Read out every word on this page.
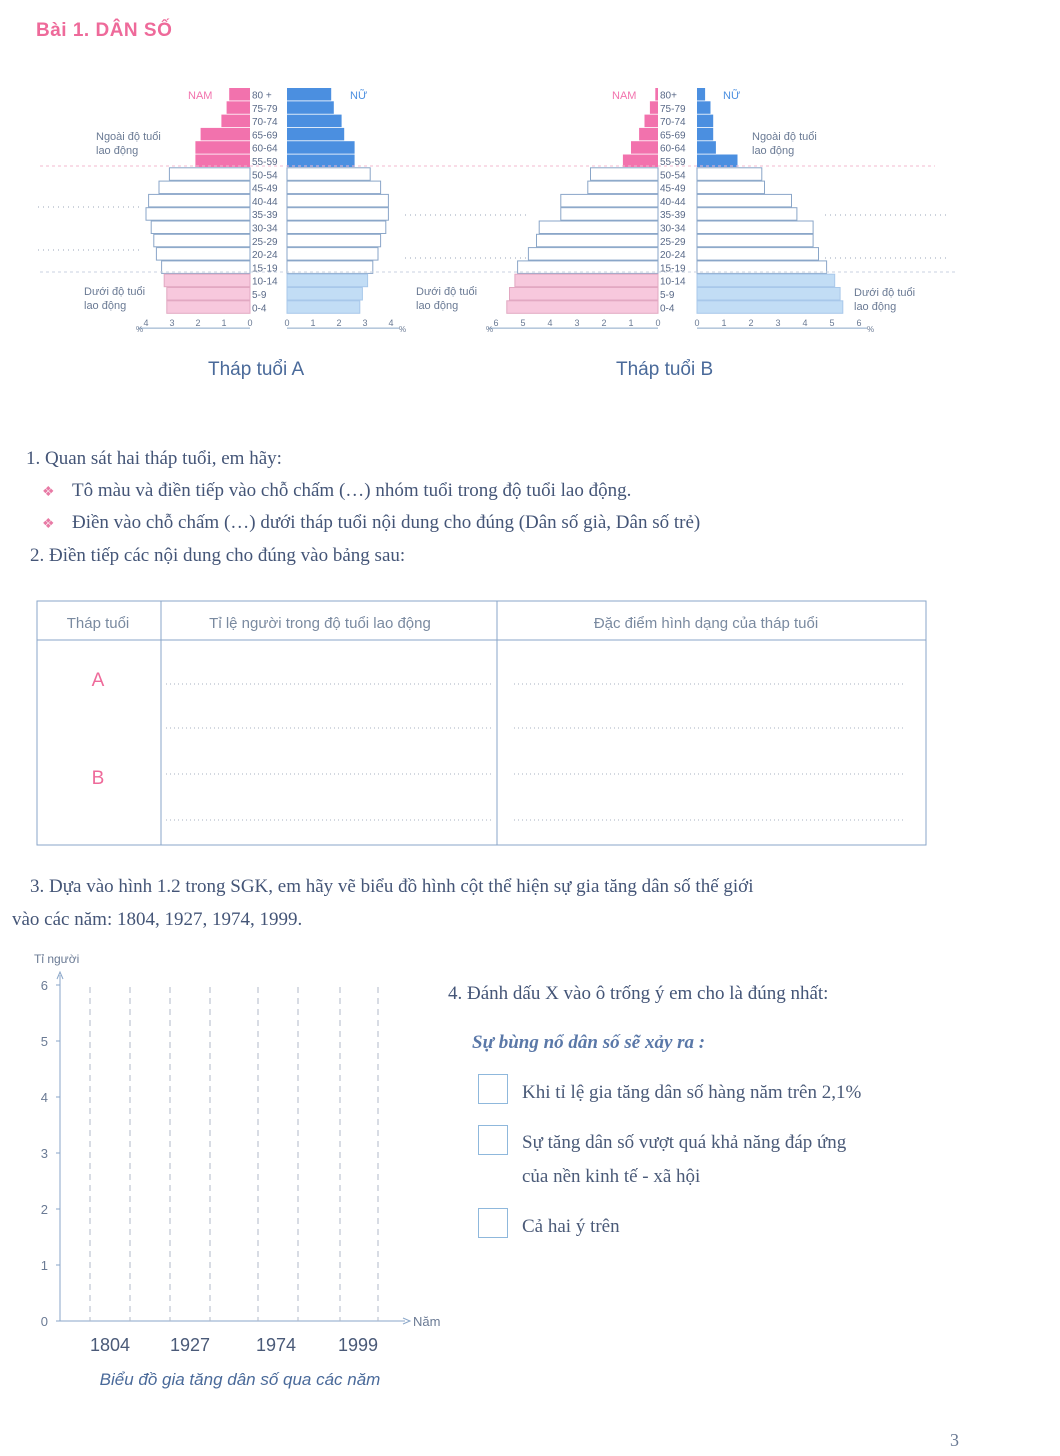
Bài 1. DÂN SỐ
NAM	NỮ
80 +
75-79
70-74
65-69
60-64
55-59
50-54
45-49
40-44
35-39
30-34
25-29
20-24
15-19
10-14
5-9
0-4
4 3 2 1 0	0 1 2 3 4
%	%
NAM	NỮ
80+
75-79
70-74
65-69
60-64
55-59
50-54
45-49
40-44
35-39
30-34
25-29
20-24
15-19
10-14
5-9
0-4
6 5 4 3 2 1 0	0 1 2 3 4 5 6
%	%
Ngoài độ tuổi
lao động
Ngoài độ tuổi
lao động
Dưới độ tuổi
lao động
Dưới độ tuổi
lao động
Dưới độ tuổi
lao động
Tháp tuổi A	Tháp tuổi B
1. Quan sát hai tháp tuổi, em hãy:
❖ Tô màu và điền tiếp vào chỗ chấm (…) nhóm tuổi trong độ tuổi lao động.
❖ Điền vào chỗ chấm (…) dưới tháp tuổi nội dung cho đúng (Dân số già, Dân số trẻ)
2. Điền tiếp các nội dung cho đúng vào bảng sau:
Tháp tuổi	Tỉ lệ người trong độ tuổi lao động	Đặc điểm hình dạng của tháp tuổi
A
B
3. Dựa vào hình 1.2 trong SGK, em hãy vẽ biểu đồ hình cột thể hiện sự gia tăng dân số thế giới
vào các năm: 1804, 1927, 1974, 1999.
Tỉ người
Năm
0
1
2
3
4
5
6
1804 1927	1974 1999
Biểu đồ gia tăng dân số qua các năm
4. Đánh dấu X vào ô trống ý em cho là đúng nhất:
Sự bùng nổ dân số sẽ xảy ra :
Khi tỉ lệ gia tăng dân số hàng năm trên 2,1%
Sự tăng dân số vượt quá khả năng đáp ứng
của nền kinh tế - xã hội
Cả hai ý trên
3
